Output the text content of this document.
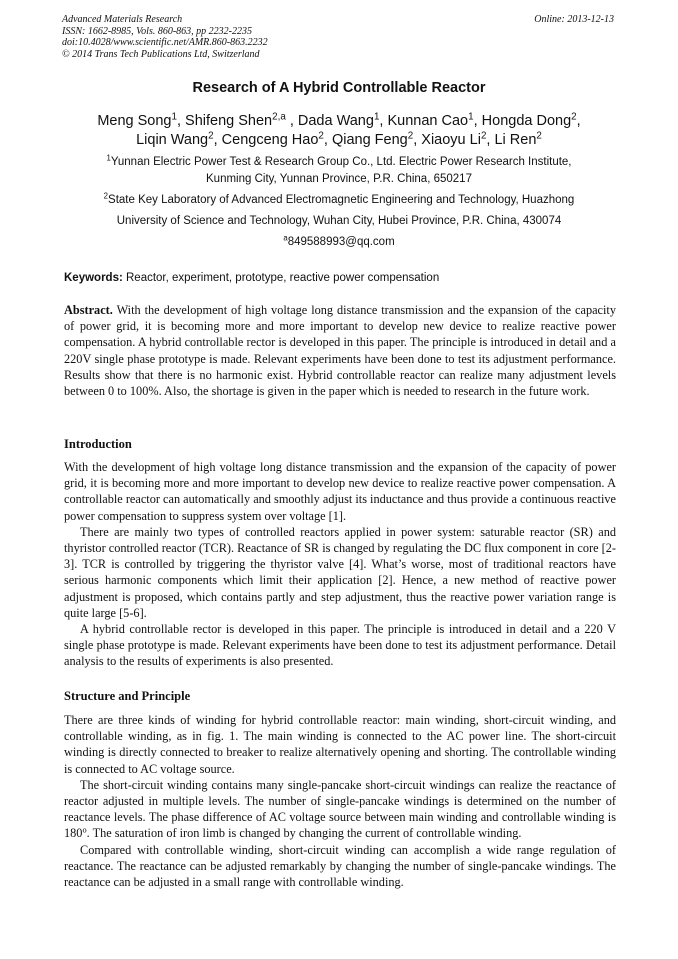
Advanced Materials Research
ISSN: 1662-8985, Vols. 860-863, pp 2232-2235
doi:10.4028/www.scientific.net/AMR.860-863.2232
© 2014 Trans Tech Publications Ltd, Switzerland
Online: 2013-12-13
Research of A Hybrid Controllable Reactor
Meng Song$^1$, Shifeng Shen$^{2,a}$ , Dada Wang$^1$, Kunnan Cao$^1$, Hongda Dong$^2$,
Liqin Wang$^2$, Cengceng Hao$^2$, Qiang Feng$^2$, Xiaoyu Li$^2$, Li Ren$^2$
$^1$Yunnan Electric Power Test & Research Group Co., Ltd. Electric Power Research Institute,
Kunming City, Yunnan Province, P.R. China, 650217
$^2$State Key Laboratory of Advanced Electromagnetic Engineering and Technology, Huazhong
University of Science and Technology, Wuhan City, Hubei Province, P.R. China, 430074
$^a$849588993@qq.com
Keywords: Reactor, experiment, prototype, reactive power compensation

Abstract. With the development of high voltage long distance transmission and the expansion of the capacity of power grid, it is becoming more and more important to develop new device to realize reactive power compensation. A hybrid controllable rector is developed in this paper. The principle is introduced in detail and a 220V single phase prototype is made. Relevant experiments have been done to test its adjustment performance. Results show that there is no harmonic exist. Hybrid controllable reactor can realize many adjustment levels between 0 to 100%. Also, the shortage is given in the paper which is needed to research in the future work.

Introduction

With the development of high voltage long distance transmission and the expansion of the capacity of power grid, it is becoming more and more important to develop new device to realize reactive power compensation. A controllable reactor can automatically and smoothly adjust its inductance and thus provide a continuous reactive power compensation to suppress system over voltage [1].

There are mainly two types of controlled reactors applied in power system: saturable reactor (SR) and thyristor controlled reactor (TCR). Reactance of SR is changed by regulating the DC flux component in core [2-3]. TCR is controlled by triggering the thyristor valve [4]. What’s worse, most of traditional reactors have serious harmonic components which limit their application [2]. Hence, a new method of reactive power adjustment is proposed, which contains partly and step adjustment, thus the reactive power variation range is quite large [5-6].

A hybrid controllable rector is developed in this paper. The principle is introduced in detail and a 220 V single phase prototype is made. Relevant experiments have been done to test its adjustment performance. Detail analysis to the results of experiments is also presented.

Structure and Principle

There are three kinds of winding for hybrid controllable reactor: main winding, short-circuit winding, and controllable winding, as in fig. 1. The main winding is connected to the AC power line. The short-circuit winding is directly connected to breaker to realize alternatively opening and shorting. The controllable winding is connected to AC voltage source.

The short-circuit winding contains many single-pancake short-circuit windings can realize the reactance of reactor adjusted in multiple levels. The number of single-pancake windings is determined on the number of reactance levels. The phase difference of AC voltage source between main winding and controllable winding is 180$^o$. The saturation of iron limb is changed by changing the current of controllable winding.

Compared with controllable winding, short-circuit winding can accomplish a wide range regulation of reactance. The reactance can be adjusted remarkably by changing the number of single-pancake windings. The reactance can be adjusted in a small range with controllable winding.
